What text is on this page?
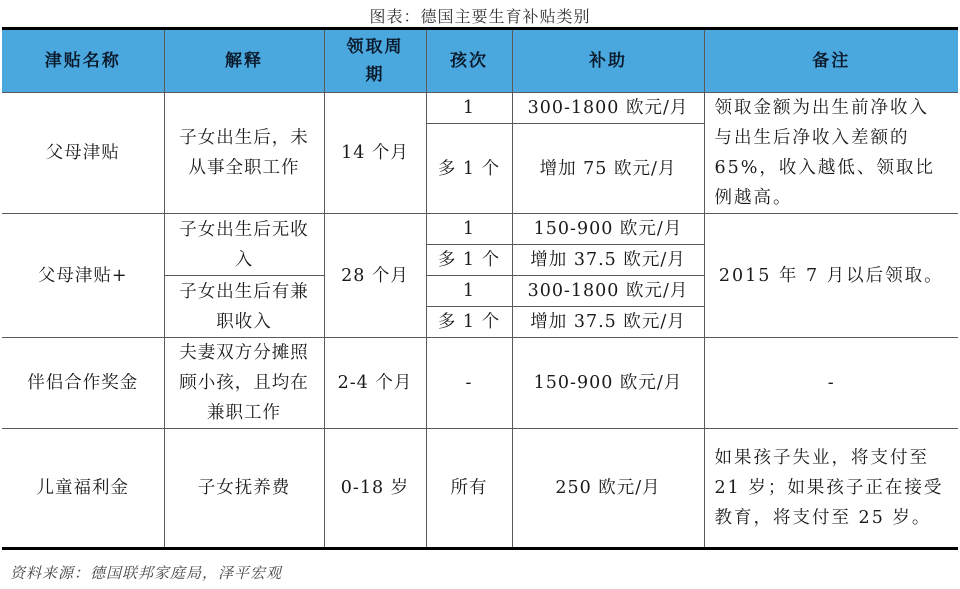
图表：德国主要生育补贴类别
津贴名称	解释	领取周期	孩次	补助	备注
父母津贴	子女出生后，未从事全职工作	14 个月	1	300-1800 欧元/月	领取金额为出生前净收入与出生后净收入差额的 65%，收入越低、领取比例越高。
			多 1 个	增加 75 欧元/月	
父母津贴+	子女出生后无收入	28 个月	1	150-900 欧元/月	2015 年 7 月以后领取。
			多 1 个	增加 37.5 欧元/月	
	子女出生后有兼职收入		1	300-1800 欧元/月	
			多 1 个	增加 37.5 欧元/月	
伴侣合作奖金	夫妻双方分摊照顾小孩，且均在兼职工作	2-4 个月	-	150-900 欧元/月	-
儿童福利金	子女抚养费	0-18 岁	所有	250 欧元/月	如果孩子失业，将支付至 21 岁；如果孩子正在接受教育，将支付至 25 岁。
资料来源：德国联邦家庭局，泽平宏观
